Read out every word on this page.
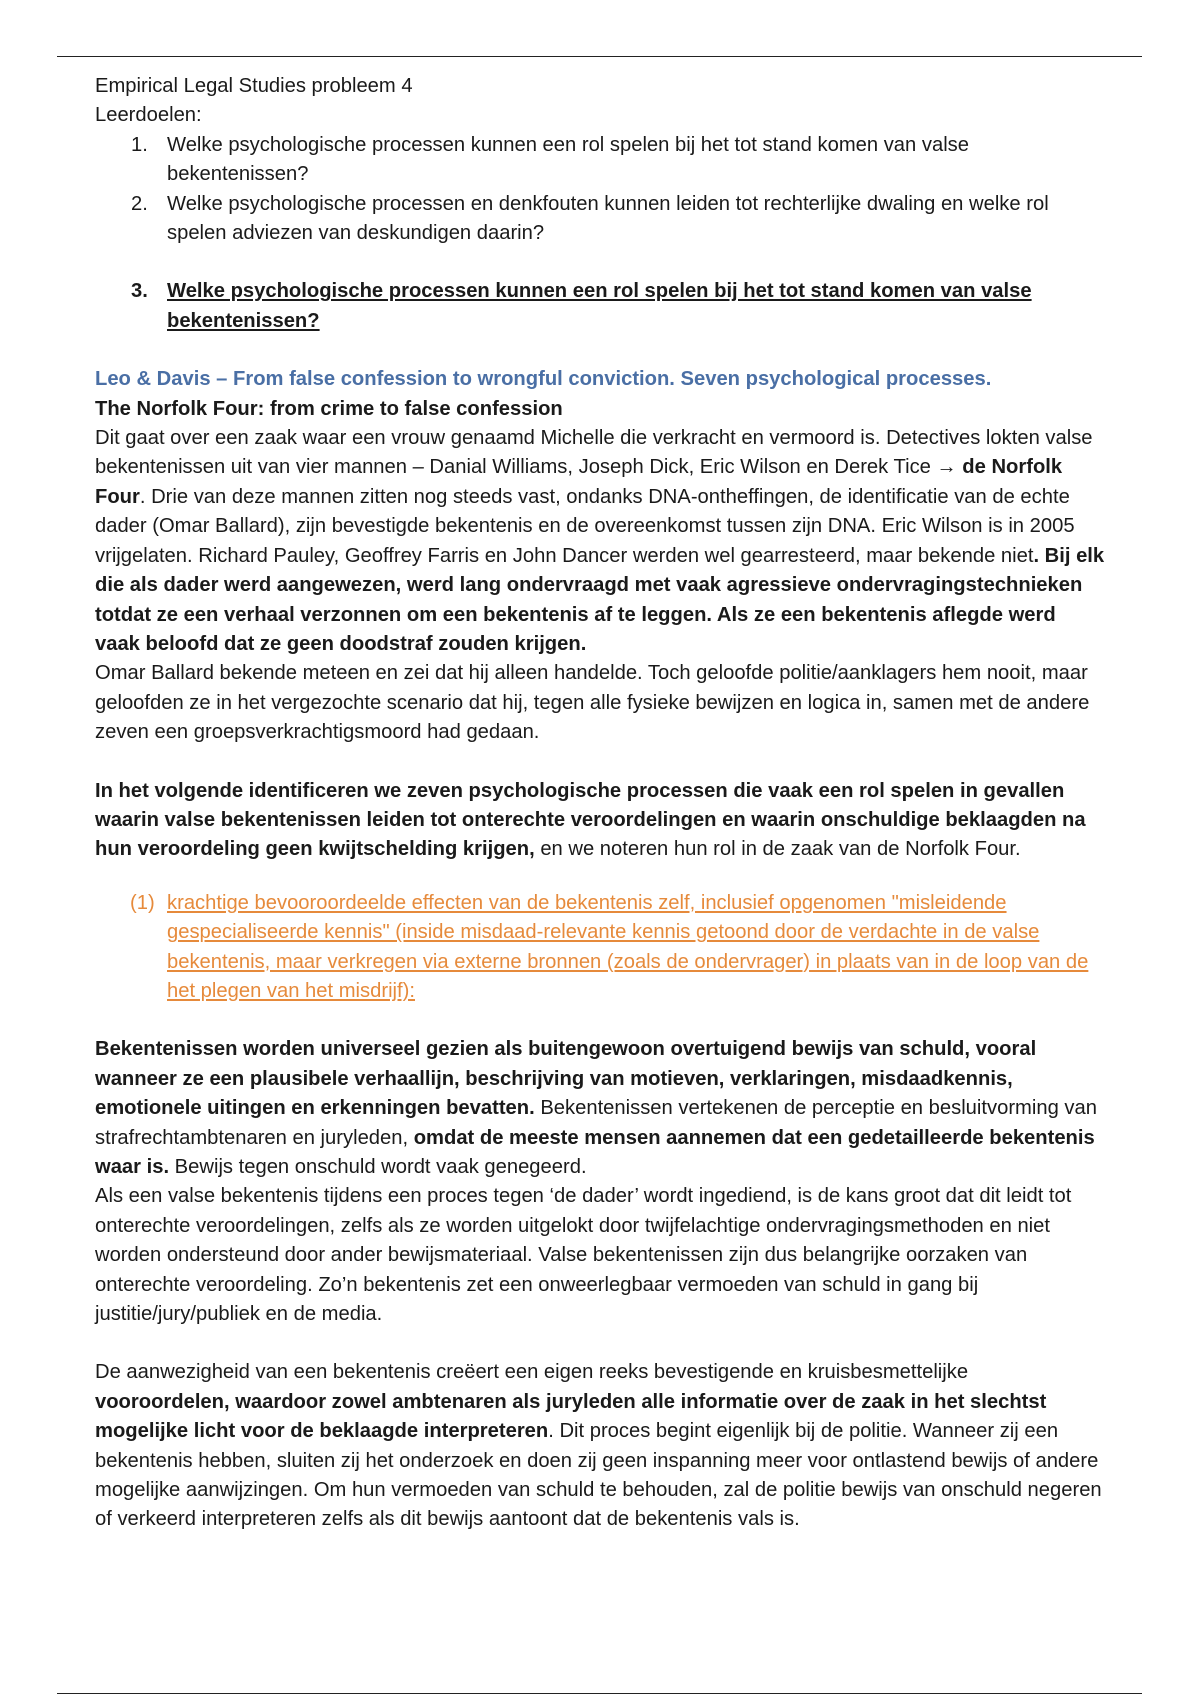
Empirical Legal Studies probleem 4

Leerdoelen:

1. Welke psychologische processen kunnen een rol spelen bij het tot stand komen van valse bekentenissen?
2. Welke psychologische processen en denkfouten kunnen leiden tot rechterlijke dwaling en welke rol spelen adviezen van deskundigen daarin?
3. Welke psychologische processen kunnen een rol spelen bij het tot stand komen van valse bekentenissen?

Leo & Davis – From false confession to wrongful conviction. Seven psychological processes.

The Norfolk Four: from crime to false confession

Dit gaat over een zaak waar een vrouw genaamd Michelle die verkracht en vermoord is. Detectives lokten valse bekentenissen uit van vier mannen – Danial Williams, Joseph Dick, Eric Wilson en Derek Tice → de Norfolk Four. Drie van deze mannen zitten nog steeds vast, ondanks DNA-ontheffingen, de identificatie van de echte dader (Omar Ballard), zijn bevestigde bekentenis en de overeenkomst tussen zijn DNA. Eric Wilson is in 2005 vrijgelaten. Richard Pauley, Geoffrey Farris en John Dancer werden wel gearresteerd, maar bekende niet. Bij elk die als dader werd aangewezen, werd lang ondervraagd met vaak agressieve ondervragingstechnieken totdat ze een verhaal verzonnen om een bekentenis af te leggen. Als ze een bekentenis aflegde werd vaak beloofd dat ze geen doodstraf zouden krijgen.

Omar Ballard bekende meteen en zei dat hij alleen handelde. Toch geloofde politie/aanklagers hem nooit, maar geloofden ze in het vergezochte scenario dat hij, tegen alle fysieke bewijzen en logica in, samen met de andere zeven een groepsverkrachtigsmoord had gedaan.

In het volgende identificeren we zeven psychologische processen die vaak een rol spelen in gevallen waarin valse bekentenissen leiden tot onterechte veroordelingen en waarin onschuldige beklaagden na hun veroordeling geen kwijtschelding krijgen, en we noteren hun rol in de zaak van de Norfolk Four.

(1) krachtige bevooroordeelde effecten van de bekentenis zelf, inclusief opgenomen "misleidende gespecialiseerde kennis" (inside misdaad-relevante kennis getoond door de verdachte in de valse bekentenis, maar verkregen via externe bronnen (zoals de ondervrager) in plaats van in de loop van de het plegen van het misdrijf):

Bekentenissen worden universeel gezien als buitengewoon overtuigend bewijs van schuld, vooral wanneer ze een plausibele verhaallijn, beschrijving van motieven, verklaringen, misdaadkennis, emotionele uitingen en erkenningen bevatten. Bekentenissen vertekenen de perceptie en besluitvorming van strafrechtambtenaren en juryleden, omdat de meeste mensen aannemen dat een gedetailleerde bekentenis waar is. Bewijs tegen onschuld wordt vaak genegeerd.

Als een valse bekentenis tijdens een proces tegen ‘de dader’ wordt ingediend, is de kans groot dat dit leidt tot onterechte veroordelingen, zelfs als ze worden uitgelokt door twijfelachtige ondervragingsmethoden en niet worden ondersteund door ander bewijsmateriaal. Valse bekentenissen zijn dus belangrijke oorzaken van onterechte veroordeling. Zo’n bekentenis zet een onweerlegbaar vermoeden van schuld in gang bij justitie/jury/publiek en de media.

De aanwezigheid van een bekentenis creëert een eigen reeks bevestigende en kruisbesmettelijke vooroordelen, waardoor zowel ambtenaren als juryleden alle informatie over de zaak in het slechtst mogelijke licht voor de beklaagde interpreteren. Dit proces begint eigenlijk bij de politie. Wanneer zij een bekentenis hebben, sluiten zij het onderzoek en doen zij geen inspanning meer voor ontlastend bewijs of andere mogelijke aanwijzingen. Om hun vermoeden van schuld te behouden, zal de politie bewijs van onschuld negeren of verkeerd interpreteren zelfs als dit bewijs aantoont dat de bekentenis vals is.
